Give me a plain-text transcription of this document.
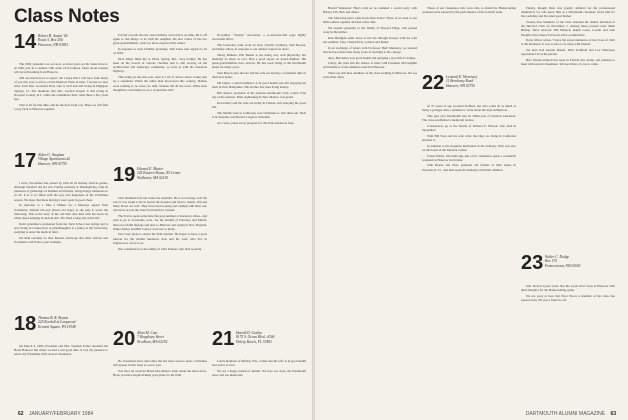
Class Notes
14 Robert H. Austin '40
Route 5, Box 256
Pinecrest, NH 03853

The 1984 calendars are out now, as most years on the dates have it. At 60th year in a reunion with some 1914 reunion. More about reunion will be forthcoming from Hanover.

Still not much news to report, but I hope that I will hear from many of you this year to tell us on the Hanover Plain in June. I received a nice letter from Mrs. Goodwin Platt, who is well and still living in Highgate Springs, Vt. She mentions that Mrs. Gordon Nasper is still living in Newport County, R.I., while she remembers their visits there a few years ago.

That is all for this time, and let me hear from you. Hope we will find a way back to Hanover together.

17 Alden G. Vaughan
Village Apartments #2
Hanover, NH 03755

I write, November has passed by with all its holiday festival games, although Stanford did not win. Family reunions at Thanksgiving, with its pleasures of gatherings of families and friends, brings happy memories to us all. It is to be filled with the joys and happiness of the Christmas season. We hope that these holidays were spent in good cheer.

In response to a Take a Minute for a Message appeal from classmates, Marion O'Leary (Don's old lady), as she puts it, wrote the following: That is the story of the 'old Don who died with his boots on while shoes hanging in ancient attic. He lived a long and active life.

Don's grandniece graduated from the Tuck School last spring and is now living in Connecticut. A granddaughter is a junior at the University, studying to enter the medical field.

We shall certainly do that, Marion, and hope that other widows and classmates will follow your example.

18 Thomas B. R. Bryant
225 Kendall at Longwood
Kennett Square, PA 19348

On March 4, 1983, President and Mrs. Stephen Farber attended the Hotel Hanover Inn where we had a real good time. It was my pleasure to renew my friendship with several classmates.

Ed Felt records that the class birthday card arrives on time. He is off again to San Diego to be with his daughter. He also writes of his two great-grandchildren, with two more expected this winter.

In response to class birthday greetings, Tom Jones sent regards to all of 1918.

Dick White finds life at Silver Spring, Md., 'very boring'. He has been on the boards of various charities and is still serving on the architectural and landscape committee, as well as with the interstate highway.

This being an election year, here is a bit of advice about voting sent by a classmate: When the white man discovered this country, Indians were running it; no taxes, no debt. Women did all the work. White man thought he could improve on a system like that!

19 Edward E. Muster
145 Eastern House, 85 Center
Wallaston, MA 02130

Chet DeMund fell and broke his shoulder. He is recovering well. He says it was tough to lie in bed in the hospital and tend to details. Jim and Mary Davis are well. They have been touring and visiting with their son, who lives across the street from them in Canada.

The Travis spent some time this past summer at Rockport, Mass., and plan to go to Scottsdale, Ariz., for the months of February and March, then on to Palm Springs and later to Hanover and spring in New England. Elmer Kelley and Bill Conroy were not so lucky.

Pete Gray plans to attend the 65th reunion. He hopes to have a good turnout for the alumni luncheon. Pete and his wife, who live in Englewood, wrote to us.

Our condolences to the family of John Kienan, who died recently.

20 Allan M. Cate
7 Kingsbury Street
Needham, MA 02192

No classmates have died since the last issue went to press. Christmas will appear in this issue as a new year.

You have all received Hazel Macomber's letter about the latest news. Hope you have begun making your plans for the 65th.

November "Twenty" newsletter, a so-and-one-half page highly successful effort.

The following came from Al Ivey, Charlie Cranbury, Sam Bowen, and many others, in response to our annual request for news.

Shorty Rinkels: Wilt Barker is not doing very well physically, but mentally as sharp as ever. Had a good report on grand-children. His great-grandchildren have arrived. He has been living at the Dartmouth home for many years.

Sam Bowen says that he and his wife are having a wonderful time in their new home.

Sid Orpin, a retired minister, is in good health and still enjoying his farm in New Hampshire. His brother has been living nearby.

Bill Abbott, president of the Arizona Dartmouth Club, writes: Fine day at the reunion. Their sightseeing in New Mexico was grand.

Ken Emery and his wife are living in Florida, still enjoying the good life.

The Smiths went to California over Christmas to visit their son. Nick is in Sausalito and Harold Cragin is with him.

As I write, plans are in progress for the 65th reunion in June.

21 Harold D. Grakin
8175 S. Ocean Blvd., #306
Delray Beach, FL 33483

Laurie Reubens of Mellen, Wis., writes that his wife is in good health and active as ever.

We are a happy bunch of alumni. We love our class, the Dartmouth news and our memories.

62 JANUARY/FEBRUARY 1984

Harold Weinstein: Harry tells us he attended a recent party with Barney Felt, Bob and others.

The following letter came from Dick Foster: Three of us went to our 60th reunion together and had a fine time.

We extend sympathy to the family of Howard Paige, who passed away in December.

Dan Mulligan sends news of his trip through Europe with his wife last summer. They visited Paris, London and Rome.

In an exchange of letters with Professor Herb Mahoney, we learned that he has retired after many years of teaching at the college.

Also, Ben Ames is in good health and enjoying a good life in Tampa.

Lately, the class had the chance to meet with President McLaughlin and members of the Alumni Council in Hanover.

There are still nine members of the class residing in Hanover. We see each other often.

Those of our classmates who were able to attend the Homecoming weekend were pleased by the performance of the football team.

22 Leonard E. Morrissey
11 Brookway Road
Hanover, NH 03755

At 57 years of age Leonard Stafford, but who could do as much as many a younger man, continues to write about his days in Hanover.

This past year Dartmouth had its 200th year of medical education. The class established a memorial lecture.

Condolences go to the family of Richard P. Weston, who died in September.

Wild Bill Pool and his wife write that they are living in California and like it.

In addition to the hospitals mentioned in the obituary, Dick was also on the board of the Medical Center.

Frank Stubbs, Jim Kittredge and a few classmates spent a wonderful weekend at Hanover in October.

John Beane and Elsie gathered old friends at their home in Woodstock, Vt., and then spent the holidays with their children.

Finally, though Dick was greatly admired for his professional distinction, we who knew him as a Dartmouth classmate loved him for his cordiality and his quiet good humor.

Twenty-four members of the class attended the annual luncheon at the Harvard Club on November 5. Among those present were Mark Bishop, Dave Atwood, Bill Hallock, Ralph Coles, Carroll and Sam Dwight, Peter Doud, Ed Swart and Lou Merrimac.

Doris Oliver writes, 'I have the sweet memories of the Class of 1922 at the luncheon. It was so nice to be there with friends.'

We have had Jerome Daniel, Dick Lichfield and Lou Morrissey represented 22 at the parade.

Bert Warren Daniell has been in Florida this winter and planned to meet with several classmates. We need more of you to come.

23 Walter C. Dodge
Box 176
Francestown, NH 03043

Mrs. Robert Lyons wrote that the Lyons have been in Hanover with their daughter for the Homecoming game.

We are sorry to hear that Eliot Wood, a member of the class, has passed away. He was a friend to all.

DARTMOUTH ALUMNI MAGAZINE 63
